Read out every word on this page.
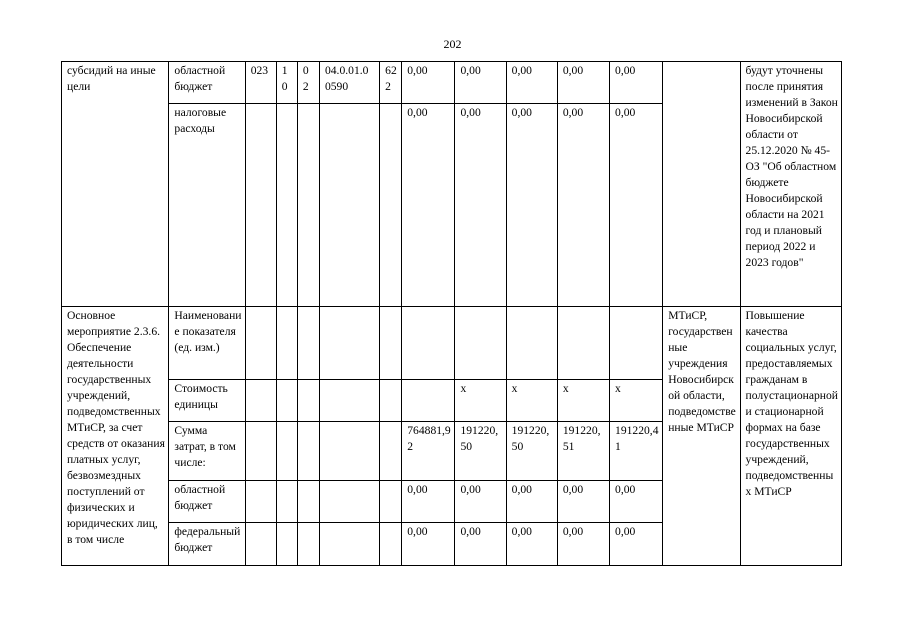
202
субсидий на иные цели	областной бюджет	023	1 0	0 2	04.0.01.0 0590	62 2	0,00	0,00	0,00	0,00	0,00		будут уточнены после принятия изменений в Закон Новосибирской области от 25.12.2020 № 45-ОЗ "Об областном бюджете Новосибирской области на 2021 год и плановый период 2022 и 2023 годов"
	налоговые расходы						0,00	0,00	0,00	0,00	0,00		
Основное мероприятие 2.3.6. Обеспечение деятельности государственных учреждений, подведомственных МТиСР, за счет средств от оказания платных услуг, безвозмездных поступлений от физических и юридических лиц, в том числе	Наименование показателя (ед. изм.)											МТиСР, государственные учреждения Новосибирской области, подведомственные МТиСР	Повышение качества социальных услуг, предоставляемых гражданам в полустационарной и стационарной формах на базе государственных учреждений, подведомственных МТиСР
	Стоимость единицы							x	x	x	x		
	Сумма затрат, в том числе:						764881,92	191220,50	191220,50	191220,51	191220,41		
	областной бюджет						0,00	0,00	0,00	0,00	0,00		
	федеральный бюджет						0,00	0,00	0,00	0,00	0,00		
